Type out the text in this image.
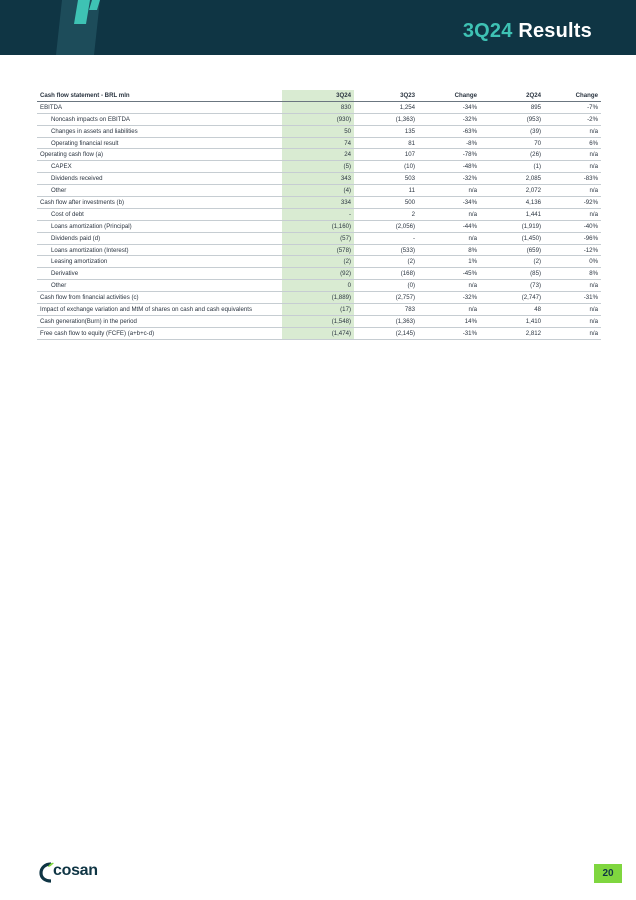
3Q24 Results
Cash flow statement - BRL mln	3Q24	3Q23	Change	2Q24	Change
EBITDA	830	1,254	-34%	895	-7%
Noncash impacts on EBITDA	(930)	(1,363)	-32%	(953)	-2%
Changes in assets and liabilities	50	135	-63%	(39)	n/a
Operating financial result	74	81	-8%	70	6%
Operating cash flow (a)	24	107	-78%	(26)	n/a
CAPEX	(5)	(10)	-48%	(1)	n/a
Dividends received	343	503	-32%	2,085	-83%
Other	(4)	11	n/a	2,072	n/a
Cash flow after investments (b)	334	500	-34%	4,136	-92%
Cost of debt	-	2	n/a	1,441	n/a
Loans amortization (Principal)	(1,160)	(2,056)	-44%	(1,919)	-40%
Dividends paid (d)	(57)	-	n/a	(1,450)	-96%
Loans amortization (Interest)	(578)	(533)	8%	(659)	-12%
Leasing amortization	(2)	(2)	1%	(2)	0%
Derivative	(92)	(168)	-45%	(85)	8%
Other	0	(0)	n/a	(73)	n/a
Cash flow from financial activities (c)	(1,889)	(2,757)	-32%	(2,747)	-31%
Impact of exchange variation and MtM of shares on cash and cash equivalents	(17)	783	n/a	48	n/a
Cash generation(Burn) in the period	(1,548)	(1,363)	14%	1,410	n/a
Free cash flow to equity (FCFE) (a+b+c-d)	(1,474)	(2,145)	-31%	2,812	n/a
cosan	20
